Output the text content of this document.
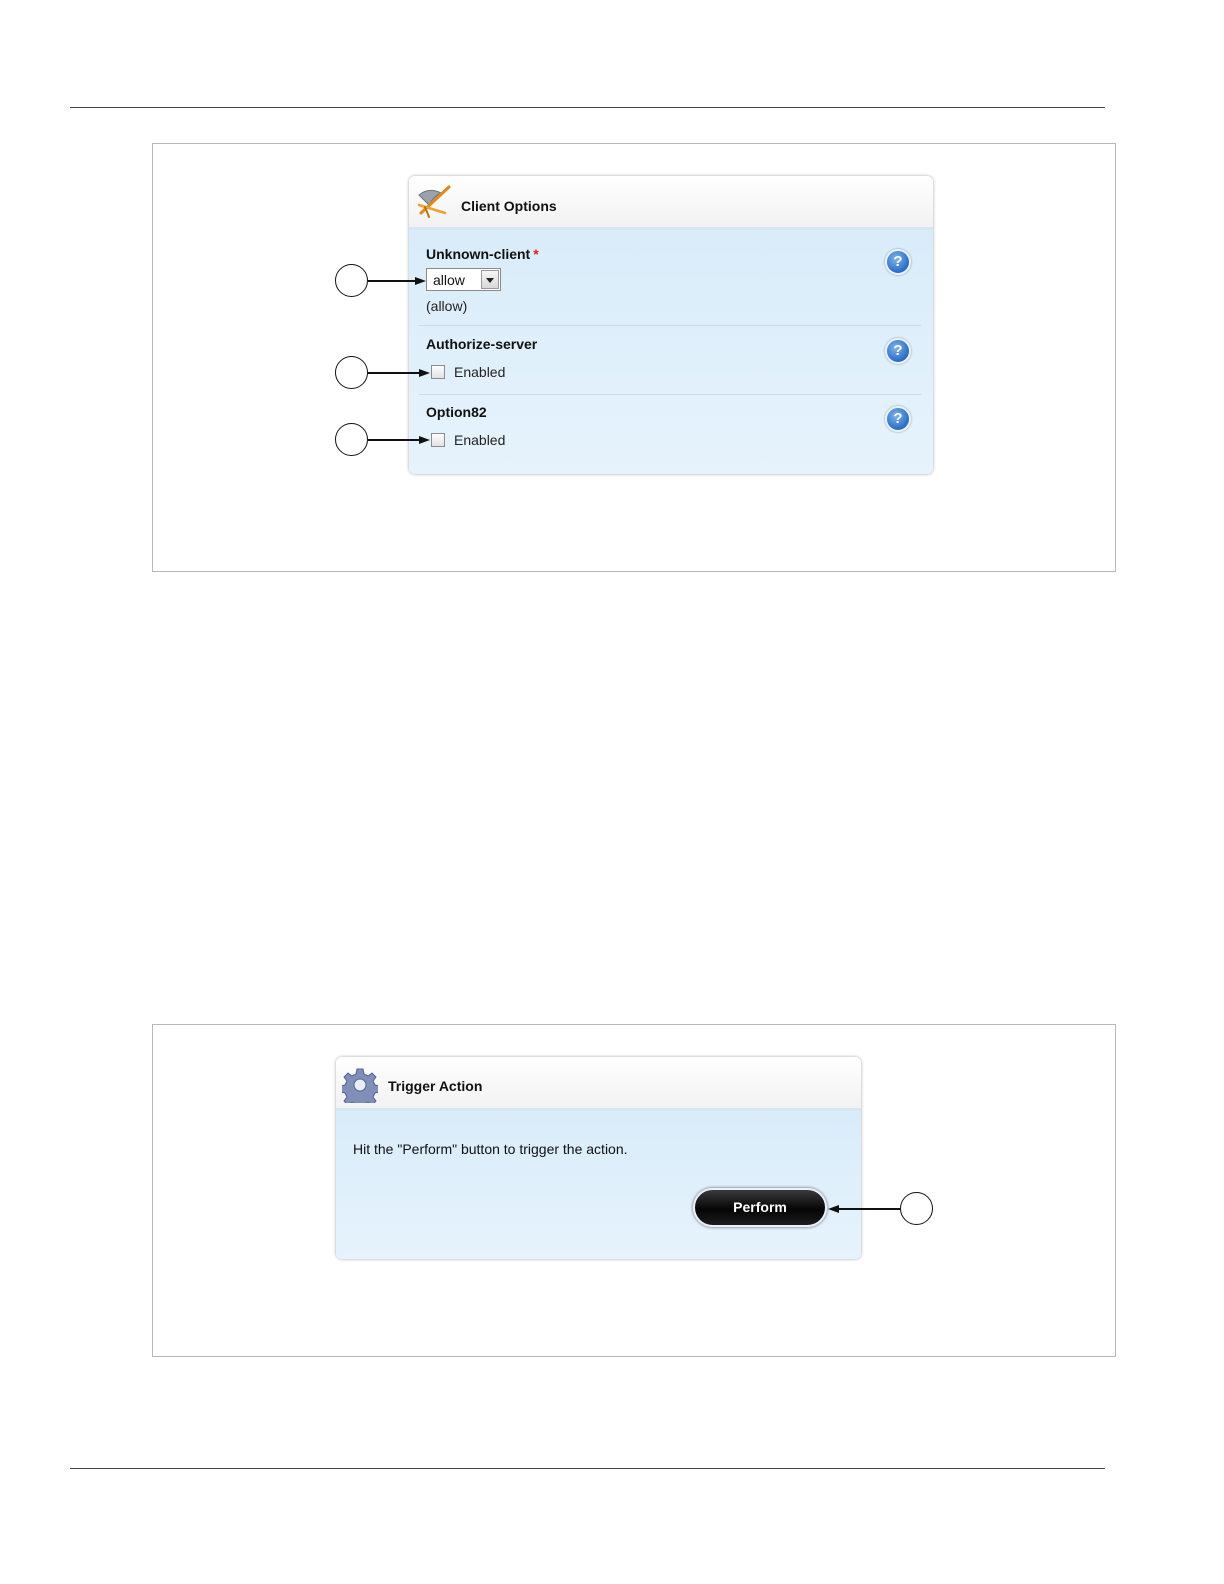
Client Options
Unknown-client *
allow
(allow)
?
Authorize-server
Enabled
?
Option82
Enabled
?
Trigger Action
Hit the "Perform" button to trigger the action.
Perform
